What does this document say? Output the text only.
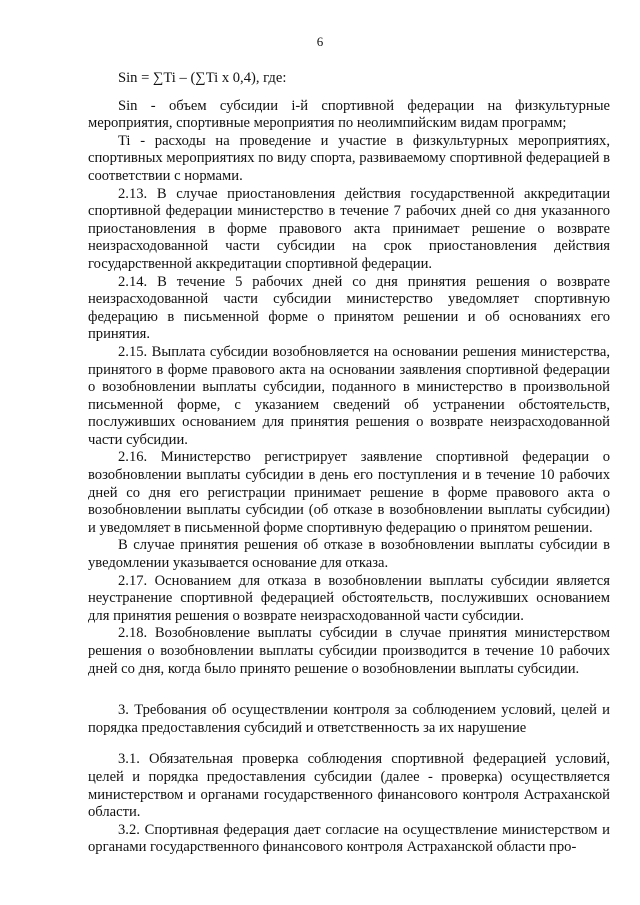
6

Sin = ∑Ti – (∑Ti x 0,4), где:

Sin - объем субсидии i-й спортивной федерации на физкультурные мероприятия, спортивные мероприятия по неолимпийским видам программ;

Ti - расходы на проведение и участие в физкультурных мероприятиях, спортивных мероприятиях по виду спорта, развиваемому спортивной федерацией в соответствии с нормами.

2.13. В случае приостановления действия государственной аккредитации спортивной федерации министерство в течение 7 рабочих дней со дня указанного приостановления в форме правового акта принимает решение о возврате неизрасходованной части субсидии на срок приостановления действия государственной аккредитации спортивной федерации.

2.14. В течение 5 рабочих дней со дня принятия решения о возврате неизрасходованной части субсидии министерство уведомляет спортивную федерацию в письменной форме о принятом решении и об основаниях его принятия.

2.15. Выплата субсидии возобновляется на основании решения министерства, принятого в форме правового акта на основании заявления спортивной федерации о возобновлении выплаты субсидии, поданного в министерство в произвольной письменной форме, с указанием сведений об устранении обстоятельств, послуживших основанием для принятия решения о возврате неизрасходованной части субсидии.

2.16. Министерство регистрирует заявление спортивной федерации о возобновлении выплаты субсидии в день его поступления и в течение 10 рабочих дней со дня его регистрации принимает решение в форме правового акта о возобновлении выплаты субсидии (об отказе в возобновлении выплаты субсидии) и уведомляет в письменной форме спортивную федерацию о принятом решении.

В случае принятия решения об отказе в возобновлении выплаты субсидии в уведомлении указывается основание для отказа.

2.17. Основанием для отказа в возобновлении выплаты субсидии является неустранение спортивной федерацией обстоятельств, послуживших основанием для принятия решения о возврате неизрасходованной части субсидии.

2.18. Возобновление выплаты субсидии в случае принятия министерством решения о возобновлении выплаты субсидии производится в течение 10 рабочих дней со дня, когда было принято решение о возобновлении выплаты субсидии.

3. Требования об осуществлении контроля за соблюдением условий, целей и порядка предоставления субсидий и ответственность за их нарушение

3.1. Обязательная проверка соблюдения спортивной федерацией условий, целей и порядка предоставления субсидии (далее - проверка) осуществляется министерством и органами государственного финансового контроля Астраханской области.

3.2. Спортивная федерация дает согласие на осуществление министерством и органами государственного финансового контроля Астраханской области про-
